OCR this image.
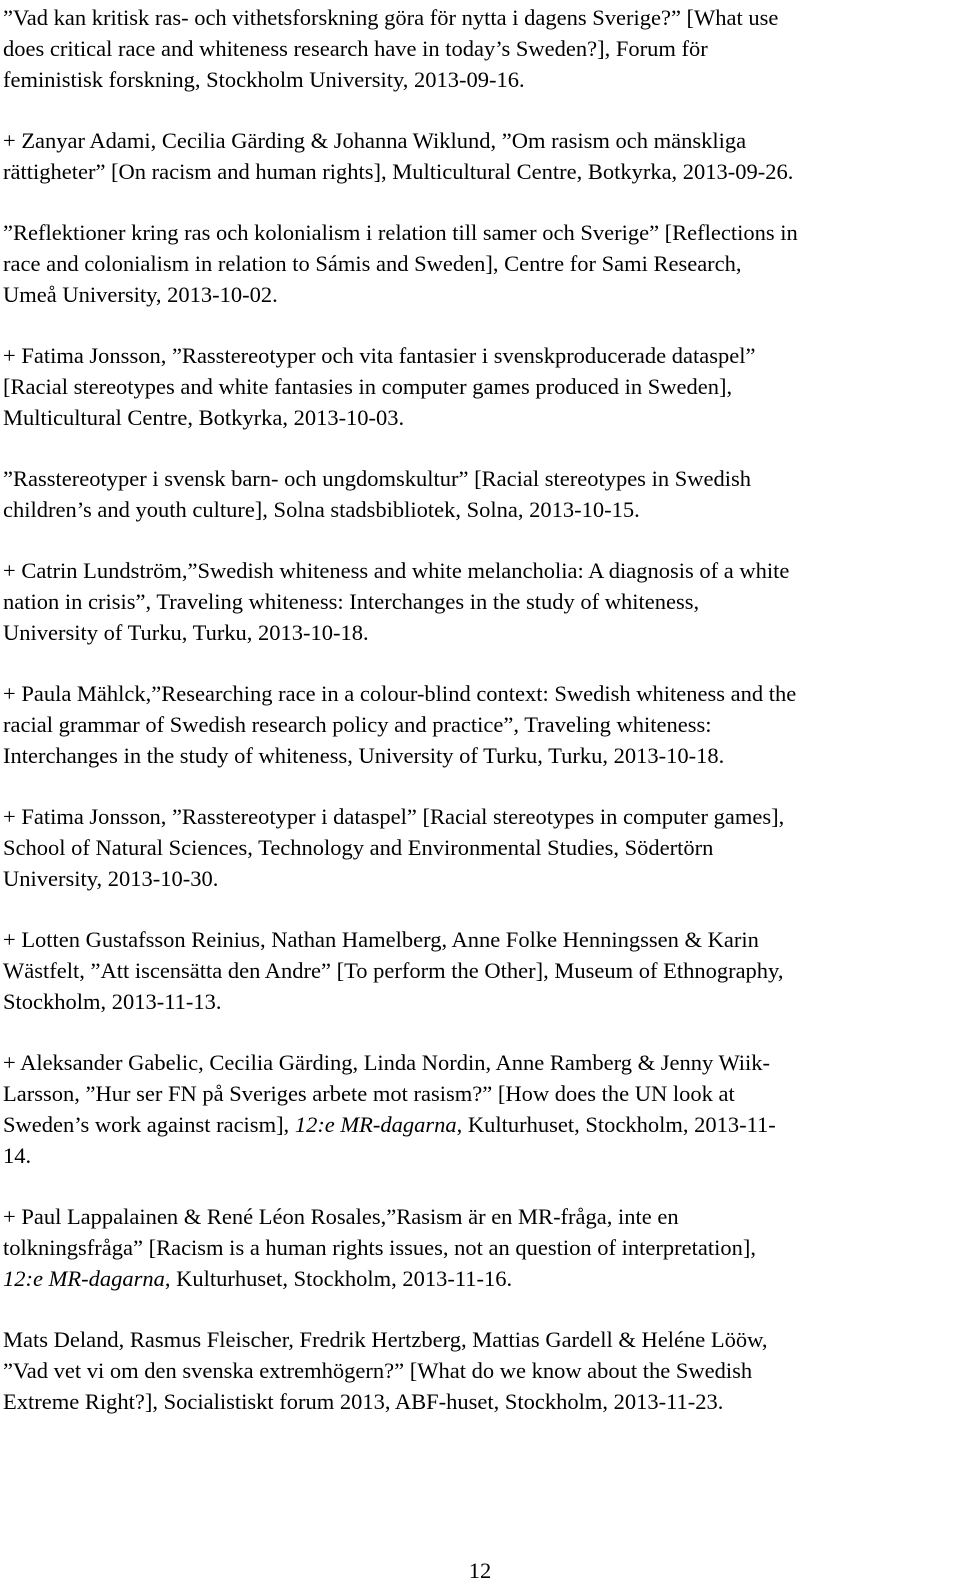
”Vad kan kritisk ras- och vithetsforskning göra för nytta i dagens Sverige?” [What use
does critical race and whiteness research have in today’s Sweden?], Forum för
feministisk forskning, Stockholm University, 2013-09-16.
+ Zanyar Adami, Cecilia Gärding & Johanna Wiklund, ”Om rasism och mänskliga
rättigheter” [On racism and human rights], Multicultural Centre, Botkyrka, 2013-09-26.
”Reflektioner kring ras och kolonialism i relation till samer och Sverige” [Reflections in
race and colonialism in relation to Sámis and Sweden], Centre for Sami Research,
Umeå University, 2013-10-02.
+ Fatima Jonsson, ”Rasstereotyper och vita fantasier i svenskproducerade dataspel”
[Racial stereotypes and white fantasies in computer games produced in Sweden],
Multicultural Centre, Botkyrka, 2013-10-03.
”Rasstereotyper i svensk barn- och ungdomskultur” [Racial stereotypes in Swedish
children’s and youth culture], Solna stadsbibliotek, Solna, 2013-10-15.
+ Catrin Lundström,”Swedish whiteness and white melancholia: A diagnosis of a white
nation in crisis”, Traveling whiteness: Interchanges in the study of whiteness,
University of Turku, Turku, 2013-10-18.
+ Paula Mählck,”Researching race in a colour-blind context: Swedish whiteness and the
racial grammar of Swedish research policy and practice”, Traveling whiteness:
Interchanges in the study of whiteness, University of Turku, Turku, 2013-10-18.
+ Fatima Jonsson, ”Rasstereotyper i dataspel” [Racial stereotypes in computer games],
School of Natural Sciences, Technology and Environmental Studies, Södertörn
University, 2013-10-30.
+ Lotten Gustafsson Reinius, Nathan Hamelberg, Anne Folke Henningssen & Karin
Wästfelt, ”Att iscensätta den Andre” [To perform the Other], Museum of Ethnography,
Stockholm, 2013-11-13.
+ Aleksander Gabelic, Cecilia Gärding, Linda Nordin, Anne Ramberg & Jenny Wiik-
Larsson, ”Hur ser FN på Sveriges arbete mot rasism?” [How does the UN look at
Sweden’s work against racism], 12:e MR-dagarna, Kulturhuset, Stockholm, 2013-11-
14.
+ Paul Lappalainen & René Léon Rosales,”Rasism är en MR-fråga, inte en
tolkningsfråga” [Racism is a human rights issues, not an question of interpretation],
12:e MR-dagarna, Kulturhuset, Stockholm, 2013-11-16.
Mats Deland, Rasmus Fleischer, Fredrik Hertzberg, Mattias Gardell & Heléne Lööw,
”Vad vet vi om den svenska extremhögern?” [What do we know about the Swedish
Extreme Right?], Socialistiskt forum 2013, ABF-huset, Stockholm, 2013-11-23.
12
